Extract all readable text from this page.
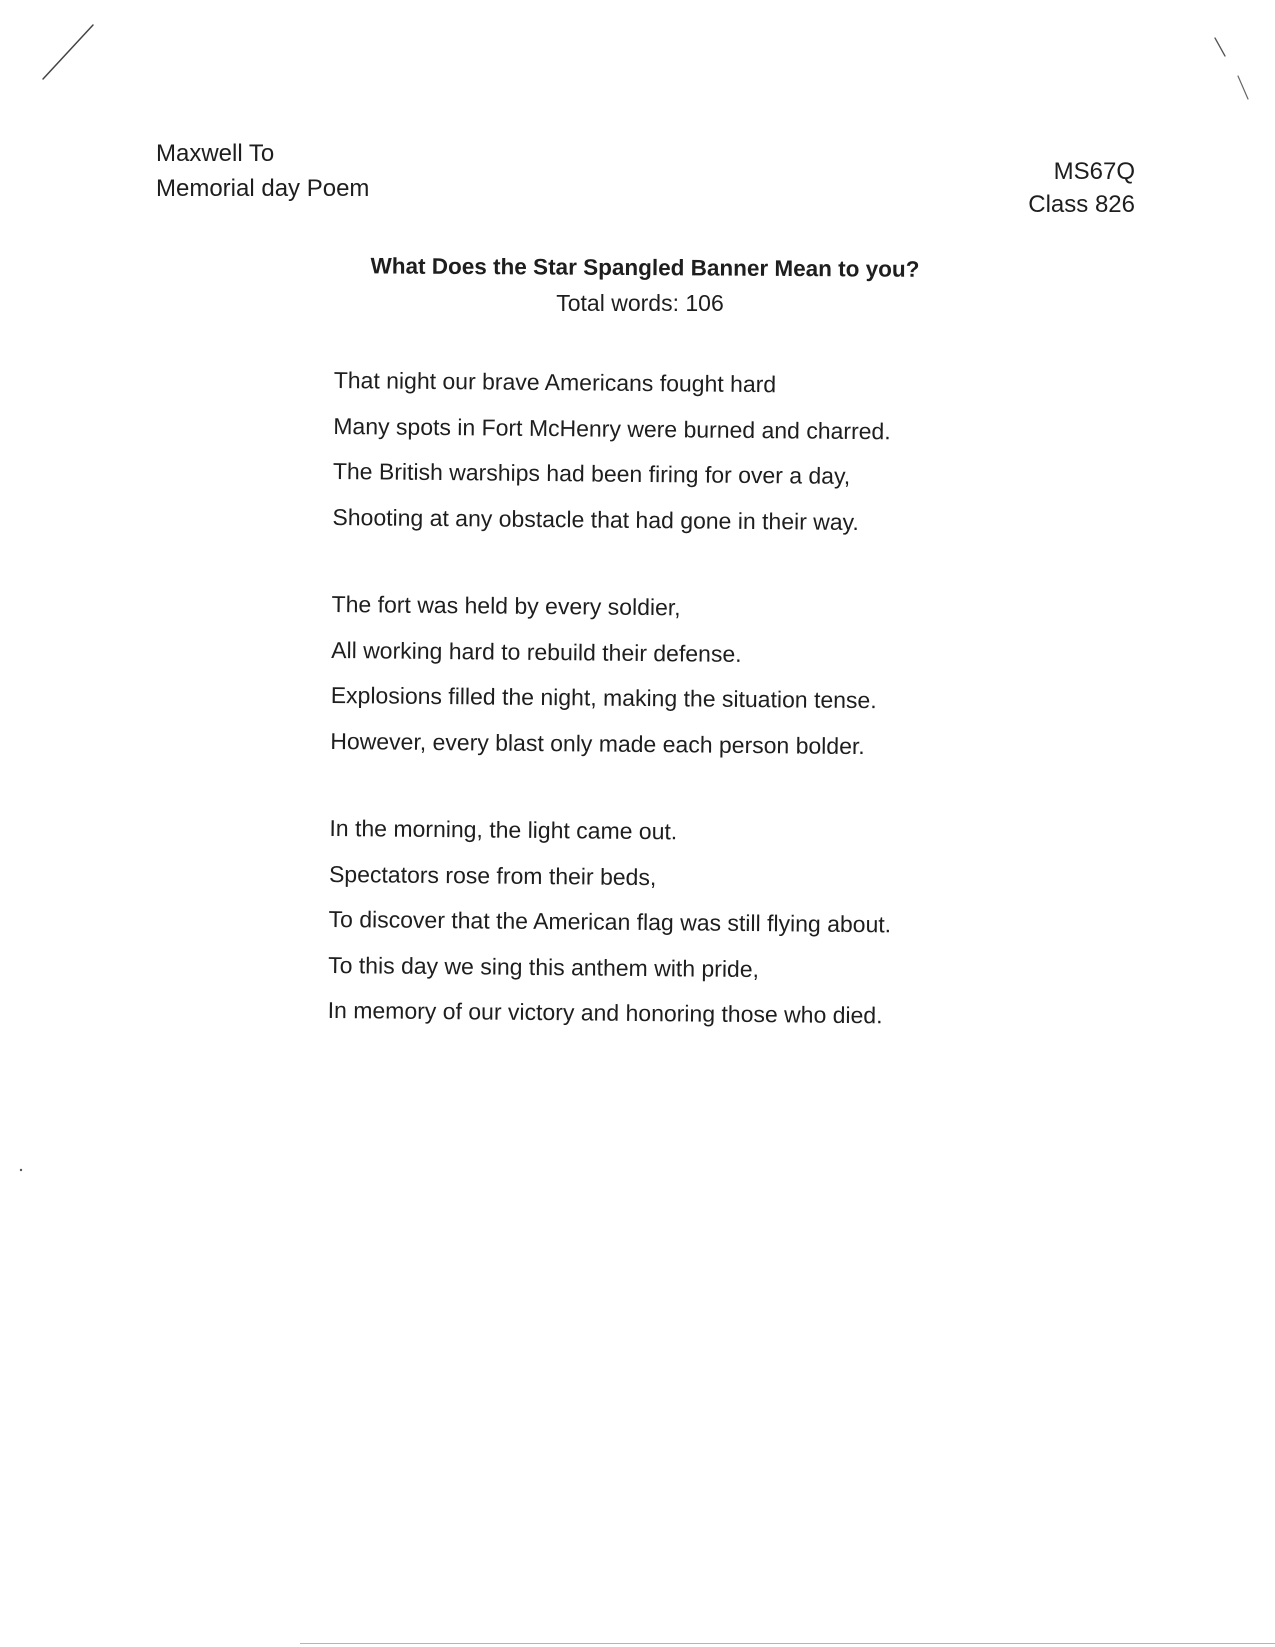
Maxwell To
Memorial day Poem
MS67Q
Class 826
What Does the Star Spangled Banner Mean to you?
Total words: 106
That night our brave Americans fought hard
Many spots in Fort McHenry were burned and charred.
The British warships had been firing for over a day,
Shooting at any obstacle that had gone in their way.
The fort was held by every soldier,
All working hard to rebuild their defense.
Explosions filled the night, making the situation tense.
However, every blast only made each person bolder.
In the morning, the light came out.
Spectators rose from their beds,
To discover that the American flag was still flying about.
To this day we sing this anthem with pride,
In memory of our victory and honoring those who died.
